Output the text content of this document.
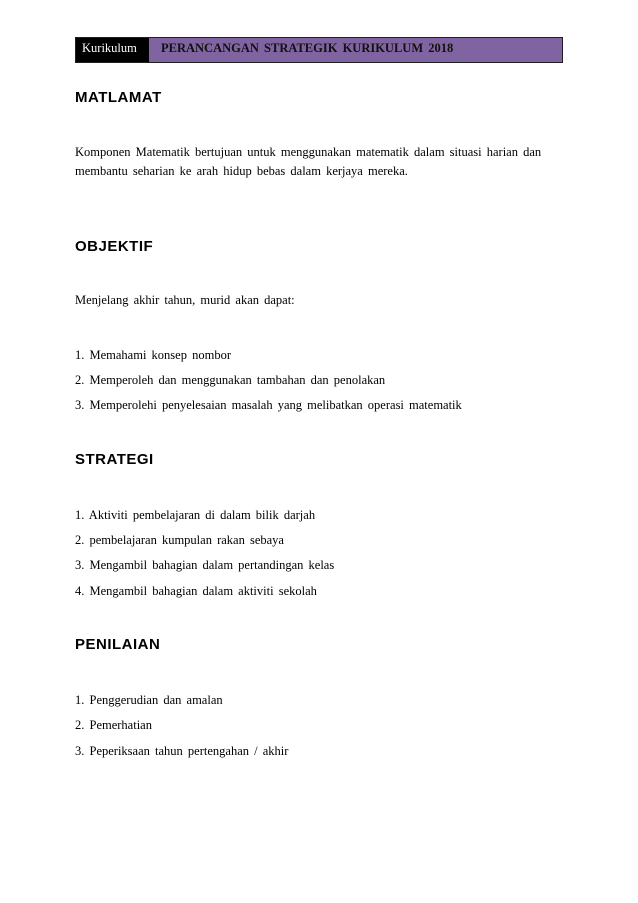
Kurikulum	PERANCANGAN STRATEGIK KURIKULUM 2018
MATLAMAT
Komponen Matematik bertujuan untuk menggunakan matematik dalam situasi harian dan membantu seharian ke arah hidup bebas dalam kerjaya mereka.
OBJEKTIF
Menjelang akhir tahun, murid akan dapat:
1. Memahami konsep nombor
2. Memperoleh dan menggunakan tambahan dan penolakan
3. Memperolehi penyelesaian masalah yang melibatkan operasi matematik
STRATEGI
1. Aktiviti pembelajaran di dalam bilik darjah
2. pembelajaran kumpulan rakan sebaya
3. Mengambil bahagian dalam pertandingan kelas
4. Mengambil bahagian dalam aktiviti sekolah
PENILAIAN
1. Penggerudian dan amalan
2. Pemerhatian
3. Peperiksaan tahun pertengahan / akhir
